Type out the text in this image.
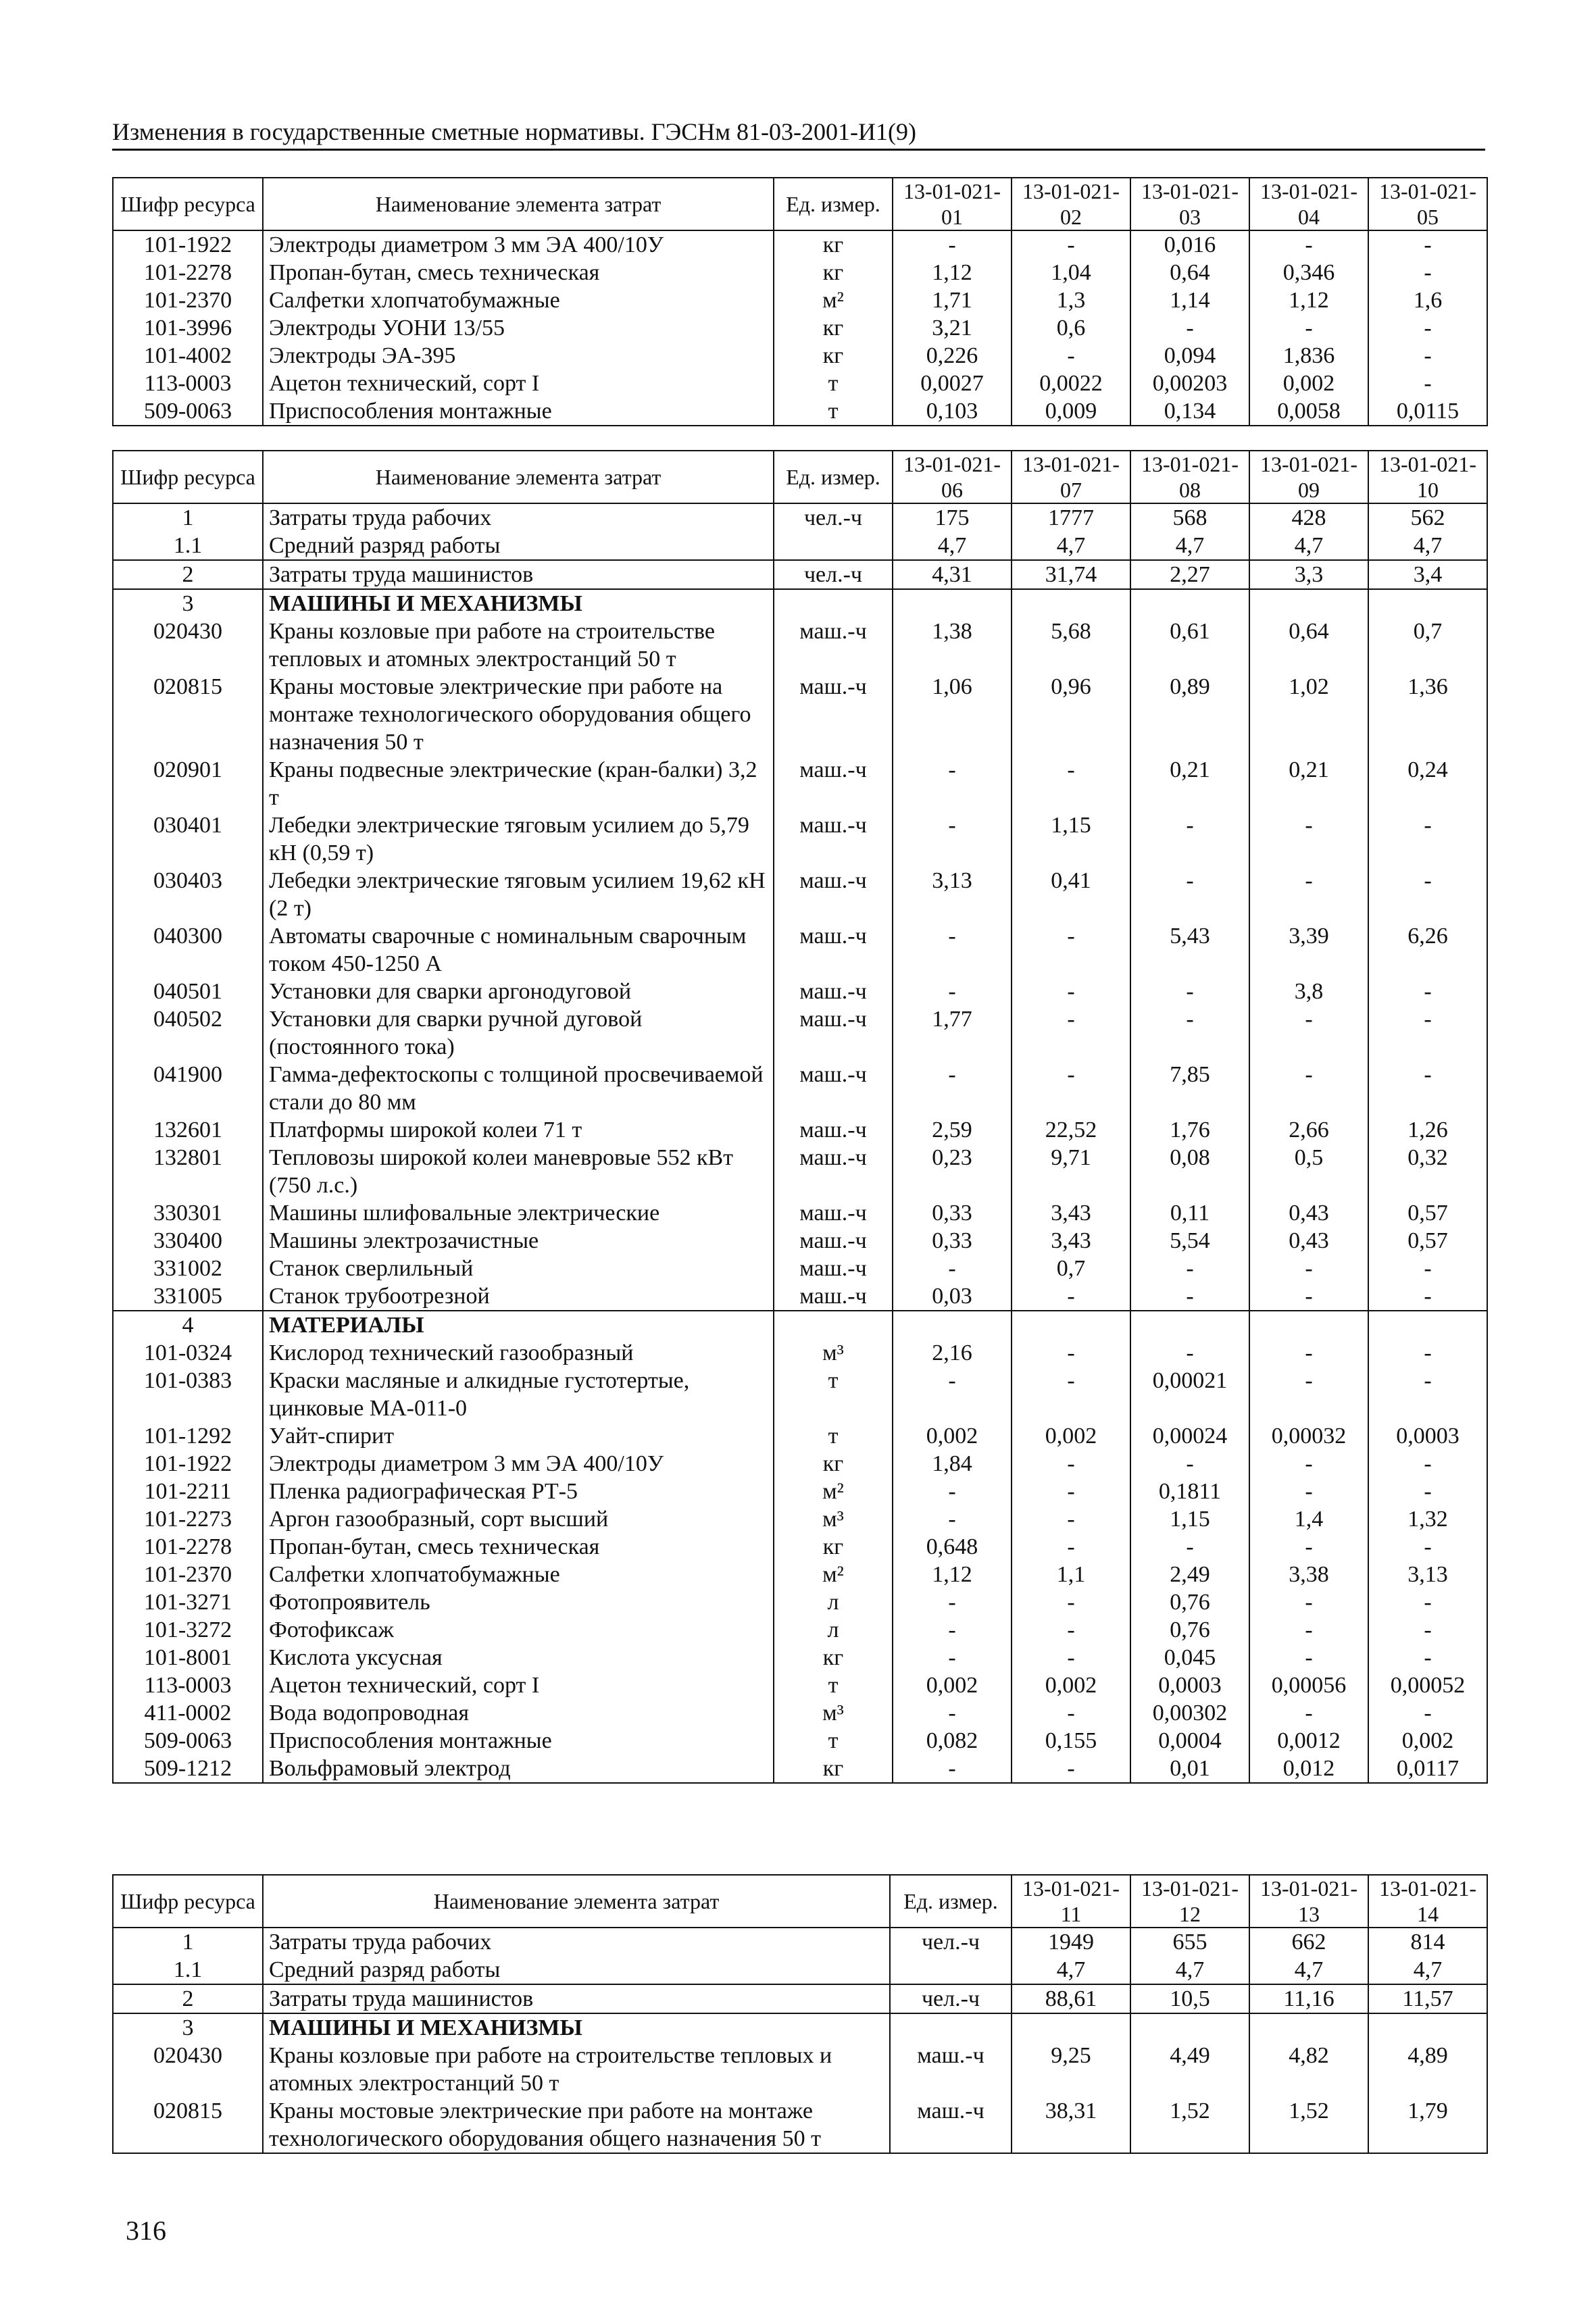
Изменения в государственные сметные нормативы. ГЭСНм 81-03-2001-И1(9)
Шифр ресурса	Наименование элемента затрат	Ед. измер.	13-01-021-01	13-01-021-02	13-01-021-03	13-01-021-04	13-01-021-05
101-1922	Электроды диаметром 3 мм ЭА 400/10У	кг	-	-	0,016	-	-
101-2278	Пропан-бутан, смесь техническая	кг	1,12	1,04	0,64	0,346	-
101-2370	Салфетки хлопчатобумажные	м²	1,71	1,3	1,14	1,12	1,6
101-3996	Электроды УОНИ 13/55	кг	3,21	0,6	-	-	-
101-4002	Электроды ЭА-395	кг	0,226	-	0,094	1,836	-
113-0003	Ацетон технический, сорт I	т	0,0027	0,0022	0,00203	0,002	-
509-0063	Приспособления монтажные	т	0,103	0,009	0,134	0,0058	0,0115
Шифр ресурса	Наименование элемента затрат	Ед. измер.	13-01-021-06	13-01-021-07	13-01-021-08	13-01-021-09	13-01-021-10
1	Затраты труда рабочих	чел.-ч	175	1777	568	428	562
1.1	Средний разряд работы		4,7	4,7	4,7	4,7	4,7
2	Затраты труда машинистов	чел.-ч	4,31	31,74	2,27	3,3	3,4
3	МАШИНЫ И МЕХАНИЗМЫ						
020430	Краны козловые при работе на строительстве тепловых и атомных электростанций 50 т	маш.-ч	1,38	5,68	0,61	0,64	0,7
020815	Краны мостовые электрические при работе на монтаже технологического оборудования общего назначения 50 т	маш.-ч	1,06	0,96	0,89	1,02	1,36
020901	Краны подвесные электрические (кран-балки) 3,2 т	маш.-ч	-	-	0,21	0,21	0,24
030401	Лебедки электрические тяговым усилием до 5,79 кН (0,59 т)	маш.-ч	-	1,15	-	-	-
030403	Лебедки электрические тяговым усилием 19,62 кН (2 т)	маш.-ч	3,13	0,41	-	-	-
040300	Автоматы сварочные с номинальным сварочным током 450-1250 А	маш.-ч	-	-	5,43	3,39	6,26
040501	Установки для сварки аргонодуговой	маш.-ч	-	-	-	3,8	-
040502	Установки для сварки ручной дуговой (постоянного тока)	маш.-ч	1,77	-	-	-	-
041900	Гамма-дефектоскопы с толщиной просвечиваемой стали до 80 мм	маш.-ч	-	-	7,85	-	-
132601	Платформы широкой колеи 71 т	маш.-ч	2,59	22,52	1,76	2,66	1,26
132801	Тепловозы широкой колеи маневровые 552 кВт (750 л.с.)	маш.-ч	0,23	9,71	0,08	0,5	0,32
330301	Машины шлифовальные электрические	маш.-ч	0,33	3,43	0,11	0,43	0,57
330400	Машины электрозачистные	маш.-ч	0,33	3,43	5,54	0,43	0,57
331002	Станок сверлильный	маш.-ч	-	0,7	-	-	-
331005	Станок трубоотрезной	маш.-ч	0,03	-	-	-	-
4	МАТЕРИАЛЫ						
101-0324	Кислород технический газообразный	м³	2,16	-	-	-	-
101-0383	Краски масляные и алкидные густотертые, цинковые МА-011-0	т	-	-	0,00021	-	-
101-1292	Уайт-спирит	т	0,002	0,002	0,00024	0,00032	0,0003
101-1922	Электроды диаметром 3 мм ЭА 400/10У	кг	1,84	-	-	-	-
101-2211	Пленка радиографическая РТ-5	м²	-	-	0,1811	-	-
101-2273	Аргон газообразный, сорт высший	м³	-	-	1,15	1,4	1,32
101-2278	Пропан-бутан, смесь техническая	кг	0,648	-	-	-	-
101-2370	Салфетки хлопчатобумажные	м²	1,12	1,1	2,49	3,38	3,13
101-3271	Фотопроявитель	л	-	-	0,76	-	-
101-3272	Фотофиксаж	л	-	-	0,76	-	-
101-8001	Кислота уксусная	кг	-	-	0,045	-	-
113-0003	Ацетон технический, сорт I	т	0,002	0,002	0,0003	0,00056	0,00052
411-0002	Вода водопроводная	м³	-	-	0,00302	-	-
509-0063	Приспособления монтажные	т	0,082	0,155	0,0004	0,0012	0,002
509-1212	Вольфрамовый электрод	кг	-	-	0,01	0,012	0,0117
Шифр ресурса	Наименование элемента затрат	Ед. измер.	13-01-021-11	13-01-021-12	13-01-021-13	13-01-021-14
1	Затраты труда рабочих	чел.-ч	1949	655	662	814
1.1	Средний разряд работы		4,7	4,7	4,7	4,7
2	Затраты труда машинистов	чел.-ч	88,61	10,5	11,16	11,57
3	МАШИНЫ И МЕХАНИЗМЫ					
020430	Краны козловые при работе на строительстве тепловых и атомных электростанций 50 т	маш.-ч	9,25	4,49	4,82	4,89
020815	Краны мостовые электрические при работе на монтаже технологического оборудования общего назначения 50 т	маш.-ч	38,31	1,52	1,52	1,79
316
